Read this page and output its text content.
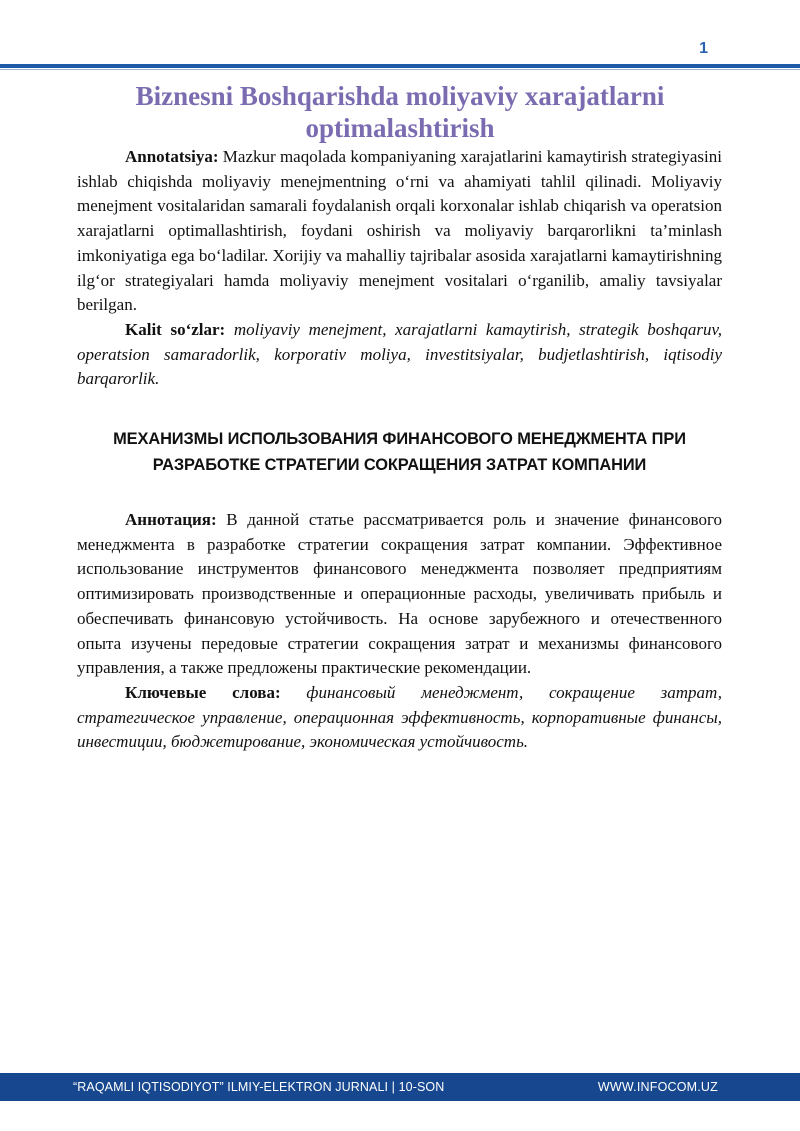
1
Biznesni Boshqarishda moliyaviy xarajatlarni optimalashtirish

Annotatsiya: Mazkur maqolada kompaniyaning xarajatlarini kamaytirish strategiyasini ishlab chiqishda moliyaviy menejmentning o‘rni va ahamiyati tahlil qilinadi. Moliyaviy menejment vositalaridan samarali foydalanish orqali korxonalar ishlab chiqarish va operatsion xarajatlarni optimallashtirish, foydani oshirish va moliyaviy barqarorlikni ta’minlash imkoniyatiga ega bo‘ladilar. Xorijiy va mahalliy tajribalar asosida xarajatlarni kamaytirishning ilg‘or strategiyalari hamda moliyaviy menejment vositalari o‘rganilib, amaliy tavsiyalar berilgan.

Kalit so‘zlar: moliyaviy menejment, xarajatlarni kamaytirish, strategik boshqaruv, operatsion samaradorlik, korporativ moliya, investitsiyalar, budjetlashtirish, iqtisodiy barqarorlik.

МЕХАНИЗМЫ ИСПОЛЬЗОВАНИЯ ФИНАНСОВОГО МЕНЕДЖМЕНТА ПРИ РАЗРАБОТКЕ СТРАТЕГИИ СОКРАЩЕНИЯ ЗАТРАТ КОМПАНИИ

Аннотация: В данной статье рассматривается роль и значение финансового менеджмента в разработке стратегии сокращения затрат компании. Эффективное использование инструментов финансового менеджмента позволяет предприятиям оптимизировать производственные и операционные расходы, увеличивать прибыль и обеспечивать финансовую устойчивость. На основе зарубежного и отечественного опыта изучены передовые стратегии сокращения затрат и механизмы финансового управления, а также предложены практические рекомендации.

Ключевые слова: финансовый менеджмент, сокращение затрат, стратегическое управление, операционная эффективность, корпоративные финансы, инвестиции, бюджетирование, экономическая устойчивость.

“RAQAMLI IQTISODIYOT” ILMIY-ELEKTRON JURNALI | 10-SON	WWW.INFOCOM.UZ
